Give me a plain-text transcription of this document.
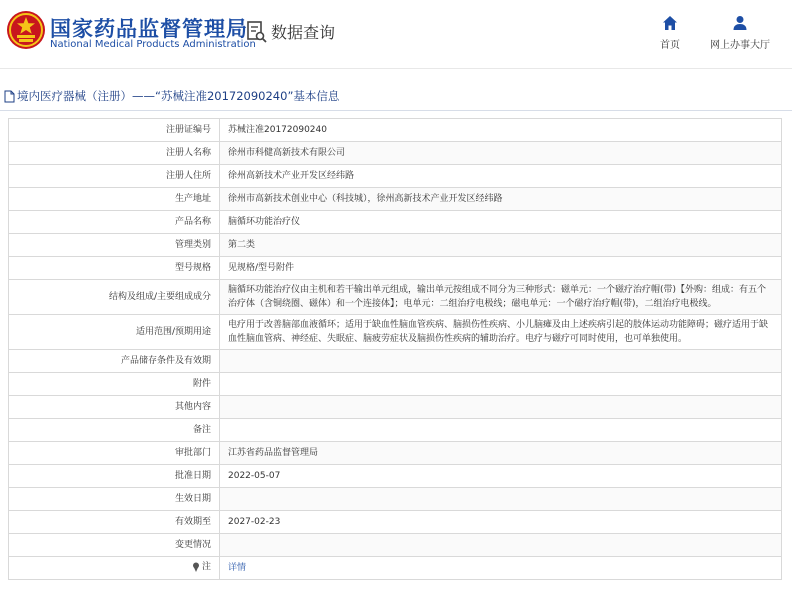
国家药品监督管理局
National Medical Products Administration
数据查询
首页	网上办事大厅
境内医疗器械（注册）——“苏械注准20172090240”基本信息
注册证编号	苏械注准20172090240
注册人名称	徐州市科健高新技术有限公司
注册人住所	徐州高新技术产业开发区经纬路
生产地址	徐州市高新技术创业中心（科技城），徐州高新技术产业开发区经纬路
产品名称	脑循环功能治疗仪
管理类别	第二类
型号规格	见规格/型号附件
结构及组成/主要组成成分	脑循环功能治疗仪由主机和若干输出单元组成，输出单元按组成不同分为三种形式：磁单元：一个磁疗治疗帽(带)【外购：组成：有五个治疗体（含铜绕圈、磁体）和一个连接体】；电单元：二组治疗电极线；磁电单元：一个磁疗治疗帽(带)，二组治疗电极线。
适用范围/预期用途	电疗用于改善脑部血液循环；适用于缺血性脑血管疾病、脑损伤性疾病、小儿脑瘫及由上述疾病引起的肢体运动功能障碍；磁疗适用于缺血性脑血管病、神经症、失眠症、脑疲劳症状及脑损伤性疾病的辅助治疗。电疗与磁疗可同时使用，也可单独使用。
产品储存条件及有效期	
附件	
其他内容	
备注	
审批部门	江苏省药品监督管理局
批准日期	2022-05-07
生效日期	
有效期至	2027-02-23
变更情况	

注	详情
